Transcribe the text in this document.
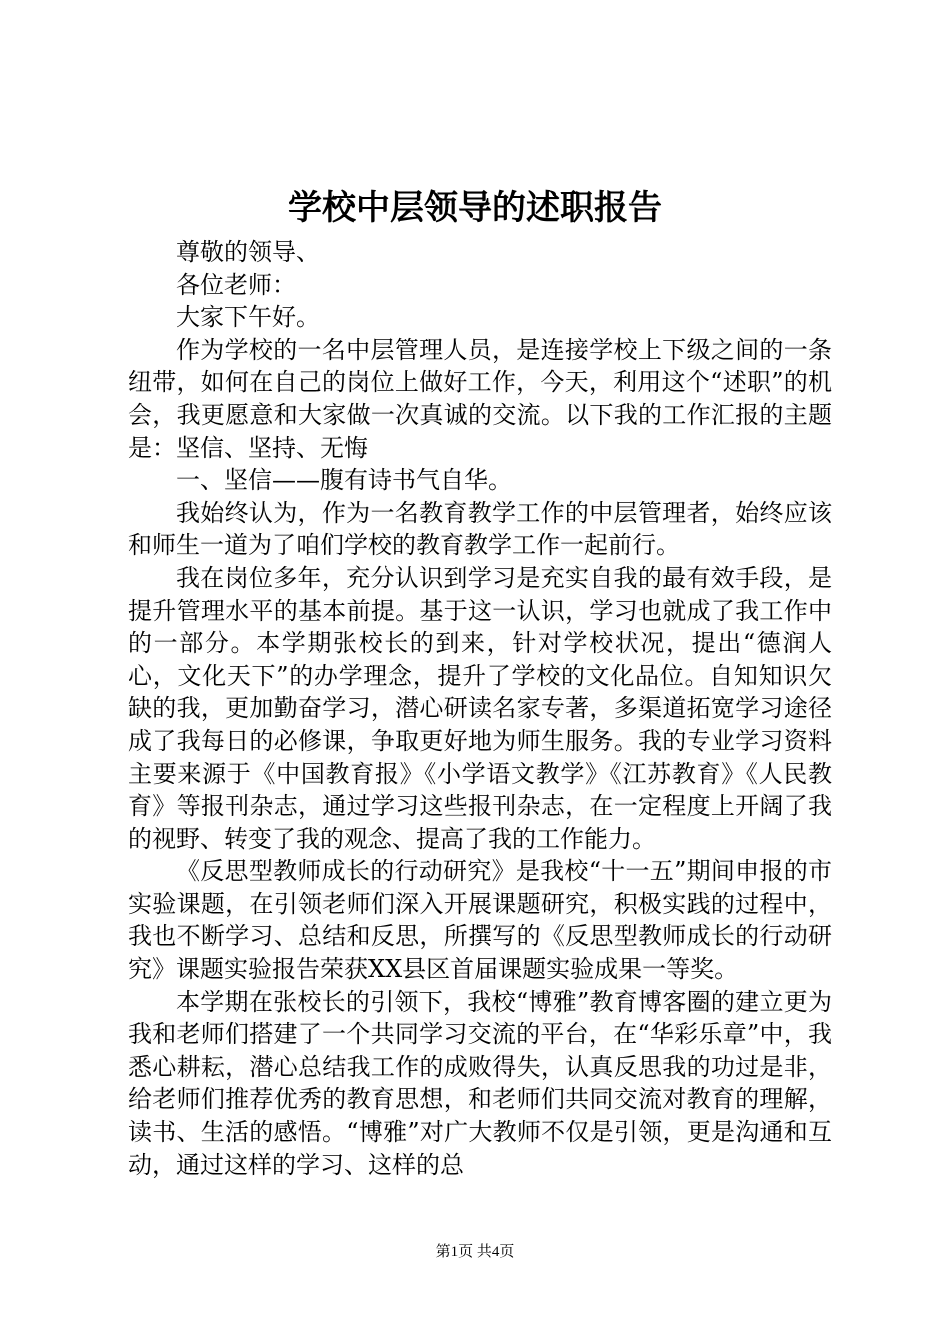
学校中层领导的述职报告

尊敬的领导、

各位老师：

大家下午好。

作为学校的一名中层管理人员，是连接学校上下级之间的一条纽带，如何在自己的岗位上做好工作，今天，利用这个“述职”的机会，我更愿意和大家做一次真诚的交流。以下我的工作汇报的主题是：坚信、坚持、无悔

一、坚信——腹有诗书气自华。

我始终认为，作为一名教育教学工作的中层管理者，始终应该和师生一道为了咱们学校的教育教学工作一起前行。

我在岗位多年，充分认识到学习是充实自我的最有效手段，是提升管理水平的基本前提。基于这一认识，学习也就成了我工作中的一部分。本学期张校长的到来，针对学校状况，提出“德润人心，文化天下”的办学理念，提升了学校的文化品位。自知知识欠缺的我，更加勤奋学习，潜心研读名家专著，多渠道拓宽学习途径成了我每日的必修课，争取更好地为师生服务。我的专业学习资料主要来源于《中国教育报》《小学语文教学》《江苏教育》《人民教育》等报刊杂志，通过学习这些报刊杂志，在一定程度上开阔了我的视野、转变了我的观念、提高了我的工作能力。

《反思型教师成长的行动研究》是我校“十一五”期间申报的市实验课题，在引领老师们深入开展课题研究，积极实践的过程中，我也不断学习、总结和反思，所撰写的《反思型教师成长的行动研究》课题实验报告荣获XX县区首届课题实验成果一等奖。

本学期在张校长的引领下，我校“博雅”教育博客圈的建立更为我和老师们搭建了一个共同学习交流的平台，在“华彩乐章”中，我悉心耕耘，潜心总结我工作的成败得失，认真反思我的功过是非，给老师们推荐优秀的教育思想，和老师们共同交流对教育的理解，读书、生活的感悟。“博雅”对广大教师不仅是引领，更是沟通和互动，通过这样的学习、这样的总

第1页 共4页
